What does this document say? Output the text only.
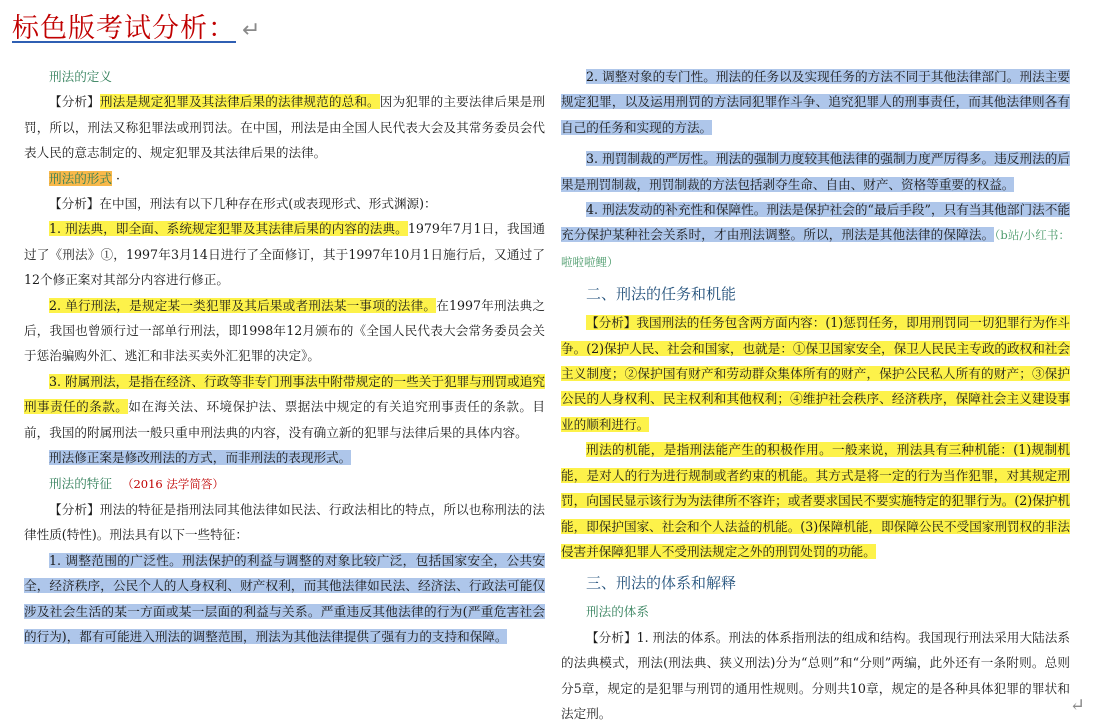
标色版考试分析： ↵

刑法的定义

【分析】刑法是规定犯罪及其法律后果的法律规范的总和。因为犯罪的主要法律后果是刑罚，所以，刑法又称犯罪法或刑罚法。在中国，刑法是由全国人民代表大会及其常务委员会代表人民的意志制定的、规定犯罪及其法律后果的法律。

刑法的形式 ·

【分析】在中国，刑法有以下几种存在形式(或表现形式、形式渊源)：

1. 刑法典，即全面、系统规定犯罪及其法律后果的内容的法典。1979年7月1日，我国通过了《刑法》①，1997年3月14日进行了全面修订，其于1997年10月1日施行后，又通过了12个修正案对其部分内容进行修正。

2. 单行刑法，是规定某一类犯罪及其后果或者刑法某一事项的法律。在1997年刑法典之后，我国也曾颁行过一部单行刑法，即1998年12月颁布的《全国人民代表大会常务委员会关于惩治骗购外汇、逃汇和非法买卖外汇犯罪的决定》。

3. 附属刑法，是指在经济、行政等非专门刑事法中附带规定的一些关于犯罪与刑罚或追究刑事责任的条款。如在海关法、环境保护法、票据法中规定的有关追究刑事责任的条款。目前，我国的附属刑法一般只重申刑法典的内容，没有确立新的犯罪与法律后果的具体内容。

刑法修正案是修改刑法的方式，而非刑法的表现形式。

刑法的特征 （2016 法学简答）

【分析】刑法的特征是指刑法同其他法律如民法、行政法相比的特点，所以也称刑法的法律性质(特性)。刑法具有以下一些特征：

1. 调整范围的广泛性。刑法保护的利益与调整的对象比较广泛，包括国家安全，公共安全，经济秩序，公民个人的人身权利、财产权利，而其他法律如民法、经济法、行政法可能仅涉及社会生活的某一方面或某一层面的利益与关系。严重违反其他法律的行为(严重危害社会的行为)，都有可能进入刑法的调整范围，刑法为其他法律提供了强有力的支持和保障。

2. 调整对象的专门性。刑法的任务以及实现任务的方法不同于其他法律部门。刑法主要规定犯罪，以及运用刑罚的方法同犯罪作斗争、追究犯罪人的刑事责任，而其他法律则各有自己的任务和实现的方法。

3. 刑罚制裁的严厉性。刑法的强制力度较其他法律的强制力度严厉得多。违反刑法的后果是刑罚制裁，刑罚制裁的方法包括剥夺生命、自由、财产、资格等重要的权益。

4. 刑法发动的补充性和保障性。刑法是保护社会的“最后手段”，只有当其他部门法不能充分保护某种社会关系时，才由刑法调整。所以，刑法是其他法律的保障法。（b站/小红书：啦啦啦鲤）

二、刑法的任务和机能

【分析】我国刑法的任务包含两方面内容：(1)惩罚任务，即用刑罚同一切犯罪行为作斗争。(2)保护人民、社会和国家，也就是：①保卫国家安全，保卫人民民主专政的政权和社会主义制度；②保护国有财产和劳动群众集体所有的财产，保护公民私人所有的财产；③保护公民的人身权利、民主权利和其他权利；④维护社会秩序、经济秩序，保障社会主义建设事业的顺利进行。

刑法的机能，是指刑法能产生的积极作用。一般来说，刑法具有三种机能：(1)规制机能，是对人的行为进行规制或者约束的机能。其方式是将一定的行为当作犯罪，对其规定刑罚，向国民显示该行为为法律所不容许；或者要求国民不要实施特定的犯罪行为。(2)保护机能，即保护国家、社会和个人法益的机能。(3)保障机能，即保障公民不受国家刑罚权的非法侵害并保障犯罪人不受刑法规定之外的刑罚处罚的功能。

三、刑法的体系和解释

刑法的体系

【分析】1. 刑法的体系。刑法的体系指刑法的组成和结构。我国现行刑法采用大陆法系的法典模式，刑法(刑法典、狭义刑法)分为“总则”和“分则”两编，此外还有一条附则。总则分5章，规定的是犯罪与刑罚的通用性规则。分则共10章，规定的是各种具体犯罪的罪状和法定刑。	↵
